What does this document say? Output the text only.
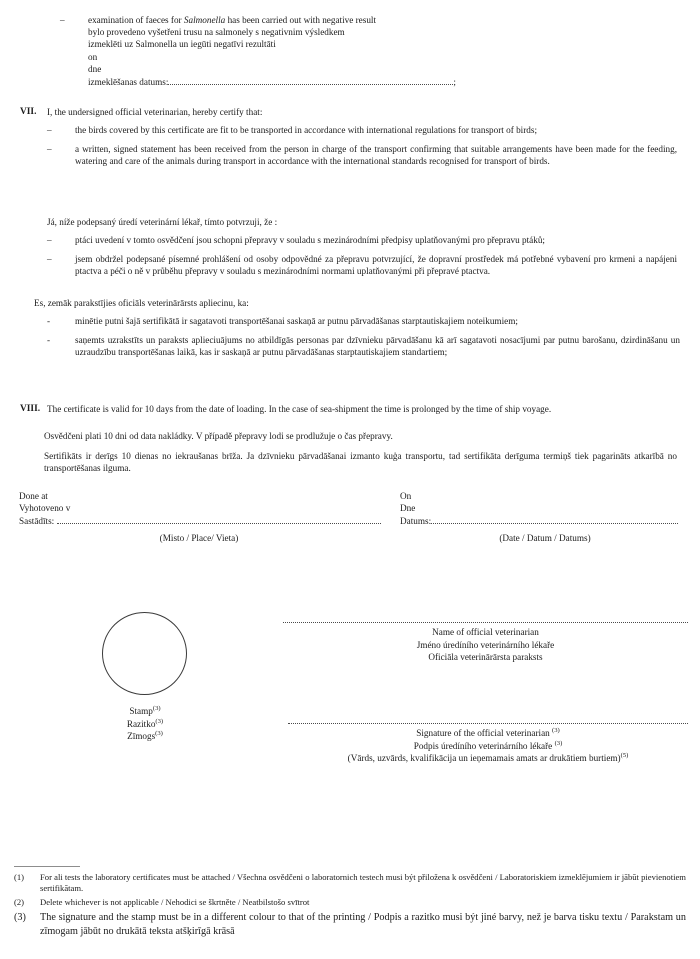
–	examination of faeces for Salmonella has been carried out with negative result
bylo provedeno vyšetřeni trusu na salmonely s negativnim výsledkem
izmeklēti uz Salmonella un iegūti negatīvi rezultāti
on
dne
izmeklēšanas datums:	;
VII. I, the undersigned official veterinarian, hereby certify that:
–	the birds covered by this certificate are fit to be transported in accordance with international regulations for transport of birds;
–	a written, signed statement has been received from the person in charge of the transport confirming that suitable arrangements have been made for the feeding, watering and care of the animals during transport in accordance with the international standards recognised for transport of birds.
Já, níže podepsaný úredí veterinární lékař, tímto potvrzuji, že :
–	ptáci uvedení v tomto osvědčení jsou schopni přepravy v souladu s mezinárodními předpisy uplatňovanými pro přepravu ptáků;
–	jsem obdržel podepsané písemné prohlášení od osoby odpovědné za přepravu potvrzující, že dopravní prostředek má potřebné vybavení pro krmeni a napájeni ptactva a péči o ně v průběhu přepravy v souladu s mezinárodními normami uplatňovanými při přepravé ptactva.
Es, zemāk parakstījies oficiāls veterinārārsts apliecinu, ka:
-	minētie putni šajā sertifikātā ir sagatavoti transportēšanai saskaņā ar putnu pārvadāšanas starptautiskajiem noteikumiem;
-	saņemts uzrakstīts un paraksts aplieciuājums no atbildīgās personas par dzīvnieku pārvadāšanu kā arī sagatavoti nosacījumi par putnu barošanu, dzirdināšanu un uzraudzību transportēšanas laikā, kas ir saskaņā ar putnu pārvadāšanas starptautiskajiem standartiem;
VIII. The certificate is valid for 10 days from the date of loading. In the case of sea-shipment the time is prolonged by the time of ship voyage.
Osvědčeni plati 10 dni od data nakládky. V případě přepravy lodi se prodlužuje o čas přepravy.
Sertifikāts ir derīgs 10 dienas no iekraušanas brīža. Ja dzīvnieku pārvadāšanai izmanto kuģa transportu, tad sertifikāta derīguma termiņš tiek pagarināts atkarībā no transportēšanas ilguma.
Done at
Vyhotoveno v
Sastādīts:
(Misto / Place/ Vieta)
On
Dne
Datums:
(Date / Datum / Datums)
Name of official veterinarian
Jméno úredíního veterinárního lékaře
Oficiāla veterinārārsta paraksts
Stamp$^{(3)}$
Razitko$^{(3)}$
Zīmogs$^{(3)}$	Signature of the official veterinarian $^{(3)}$
Podpis úredíního veterinárního lékaře $^{(3)}$
(Vārds, uzvārds, kvalifikācija un ieņemamais amats ar drukātiem burtiem)$^{(5)}$
(1) For ali tests the laboratory certificates must be attached / Všechna osvědčeni o laboratornich testech musi být přiložena k osvědčeni / Laboratoriskiem izmeklējumiem ir jābūt pievienotiem sertifikātam.
(2) Delete whichever is not applicable / Nehodici se škrtněte / Neatbilstošo svītrot
(3) The signature and the stamp must be in a different colour to that of the printing / Podpis a razitko musi být jiné barvy, než je barva tisku textu / Parakstam un zīmogam jābūt no drukātā teksta atšķirīgā krāsā
